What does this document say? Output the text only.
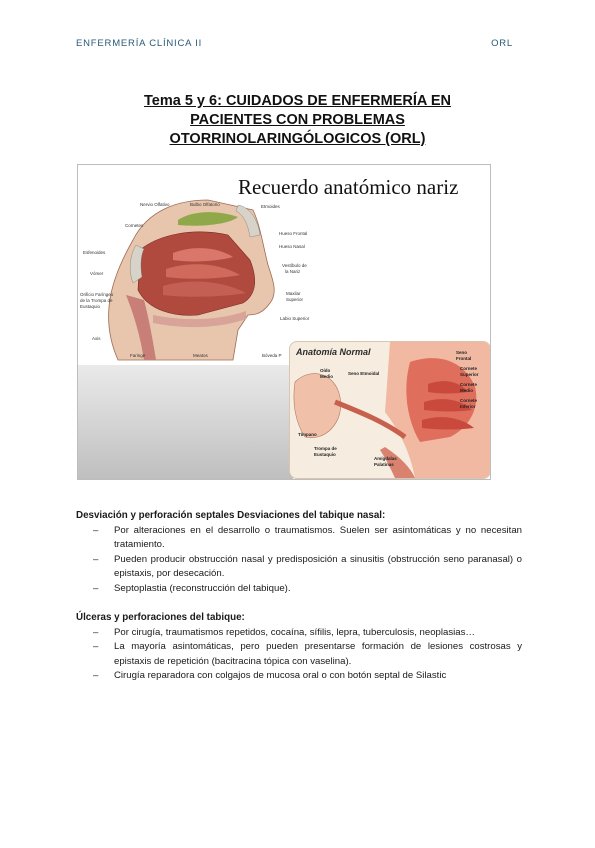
ENFERMERÍA CLÍNICA II	ORL
Tema 5 y 6: CUIDADOS DE ENFERMERÍA EN
PACIENTES CON PROBLEMAS
OTORRINOLARINGÓLOGICOS (ORL)
Recuerdo anatómico nariz
Nervio Olfativo	Bulbo Olfatorio	Etmoides
Cornetes
Hueso Frontal
Hueso Nasal
Esfenoides
Vestíbulo de
la Nariz
Vómer
Orificio Faríngeo
de la Trompa de
Eustaquio
Maxilar
Superior
Labio Superior
Axis
Faringe	Meatos	Bóveda P Anatomía Normal
Oído
Medio
Seno Etmoidal
Seno
Frontal
Cornete
Superior
Cornete
Medio
Cornete
Inferior
Tímpano
Trompa de
Eustaquio
Amígdalas
Palatinas

Desviación y perforación septales Desviaciones del tabique nasal:

– Por alteraciones en el desarrollo o traumatismos. Suelen ser asintomáticas y no necesitan tratamiento.
– Pueden producir obstrucción nasal y predisposición a sinusitis (obstrucción seno paranasal) o epistaxis, por desecación.
– Septoplastia (reconstrucción del tabique).

Úlceras y perforaciones del tabique:

– Por cirugía, traumatismos repetidos, cocaína, sífilis, lepra, tuberculosis, neoplasias…
– La mayoría asintomáticas, pero pueden presentarse formación de lesiones costrosas y epistaxis de repetición (bacitracina tópica con vaselina).
– Cirugía reparadora con colgajos de mucosa oral o con botón septal de Silastic
